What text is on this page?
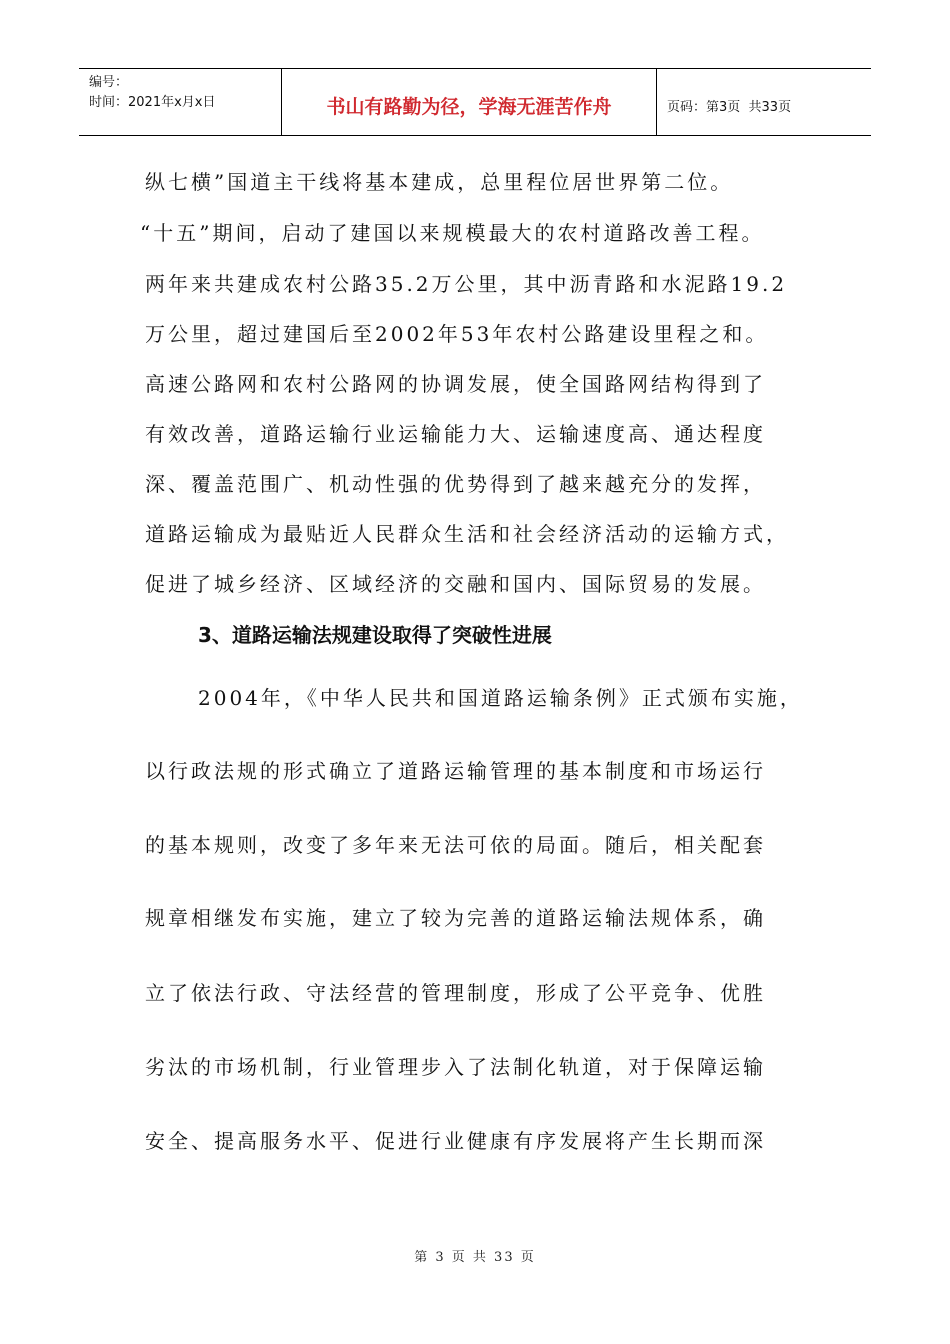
编号：
时间：2021年x月x日	书山有路勤为径，学海无涯苦作舟	页码：第3页  共33页
纵七横”国道主干线将基本建成，总里程位居世界第二位。
“十五”期间，启动了建国以来规模最大的农村道路改善工程。
两年来共建成农村公路35.2万公里，其中沥青路和水泥路19.2
万公里，超过建国后至2002年53年农村公路建设里程之和。
高速公路网和农村公路网的协调发展，使全国路网结构得到了
有效改善，道路运输行业运输能力大、运输速度高、通达程度
深、覆盖范围广、机动性强的优势得到了越来越充分的发挥，
道路运输成为最贴近人民群众生活和社会经济活动的运输方式，
促进了城乡经济、区域经济的交融和国内、国际贸易的发展。
3、道路运输法规建设取得了突破性进展
2004年，《中华人民共和国道路运输条例》正式颁布实施，
以行政法规的形式确立了道路运输管理的基本制度和市场运行
的基本规则，改变了多年来无法可依的局面。随后，相关配套
规章相继发布实施，建立了较为完善的道路运输法规体系，确
立了依法行政、守法经营的管理制度，形成了公平竞争、优胜
劣汰的市场机制，行业管理步入了法制化轨道，对于保障运输
安全、提高服务水平、促进行业健康有序发展将产生长期而深
第 3 页 共 33 页
